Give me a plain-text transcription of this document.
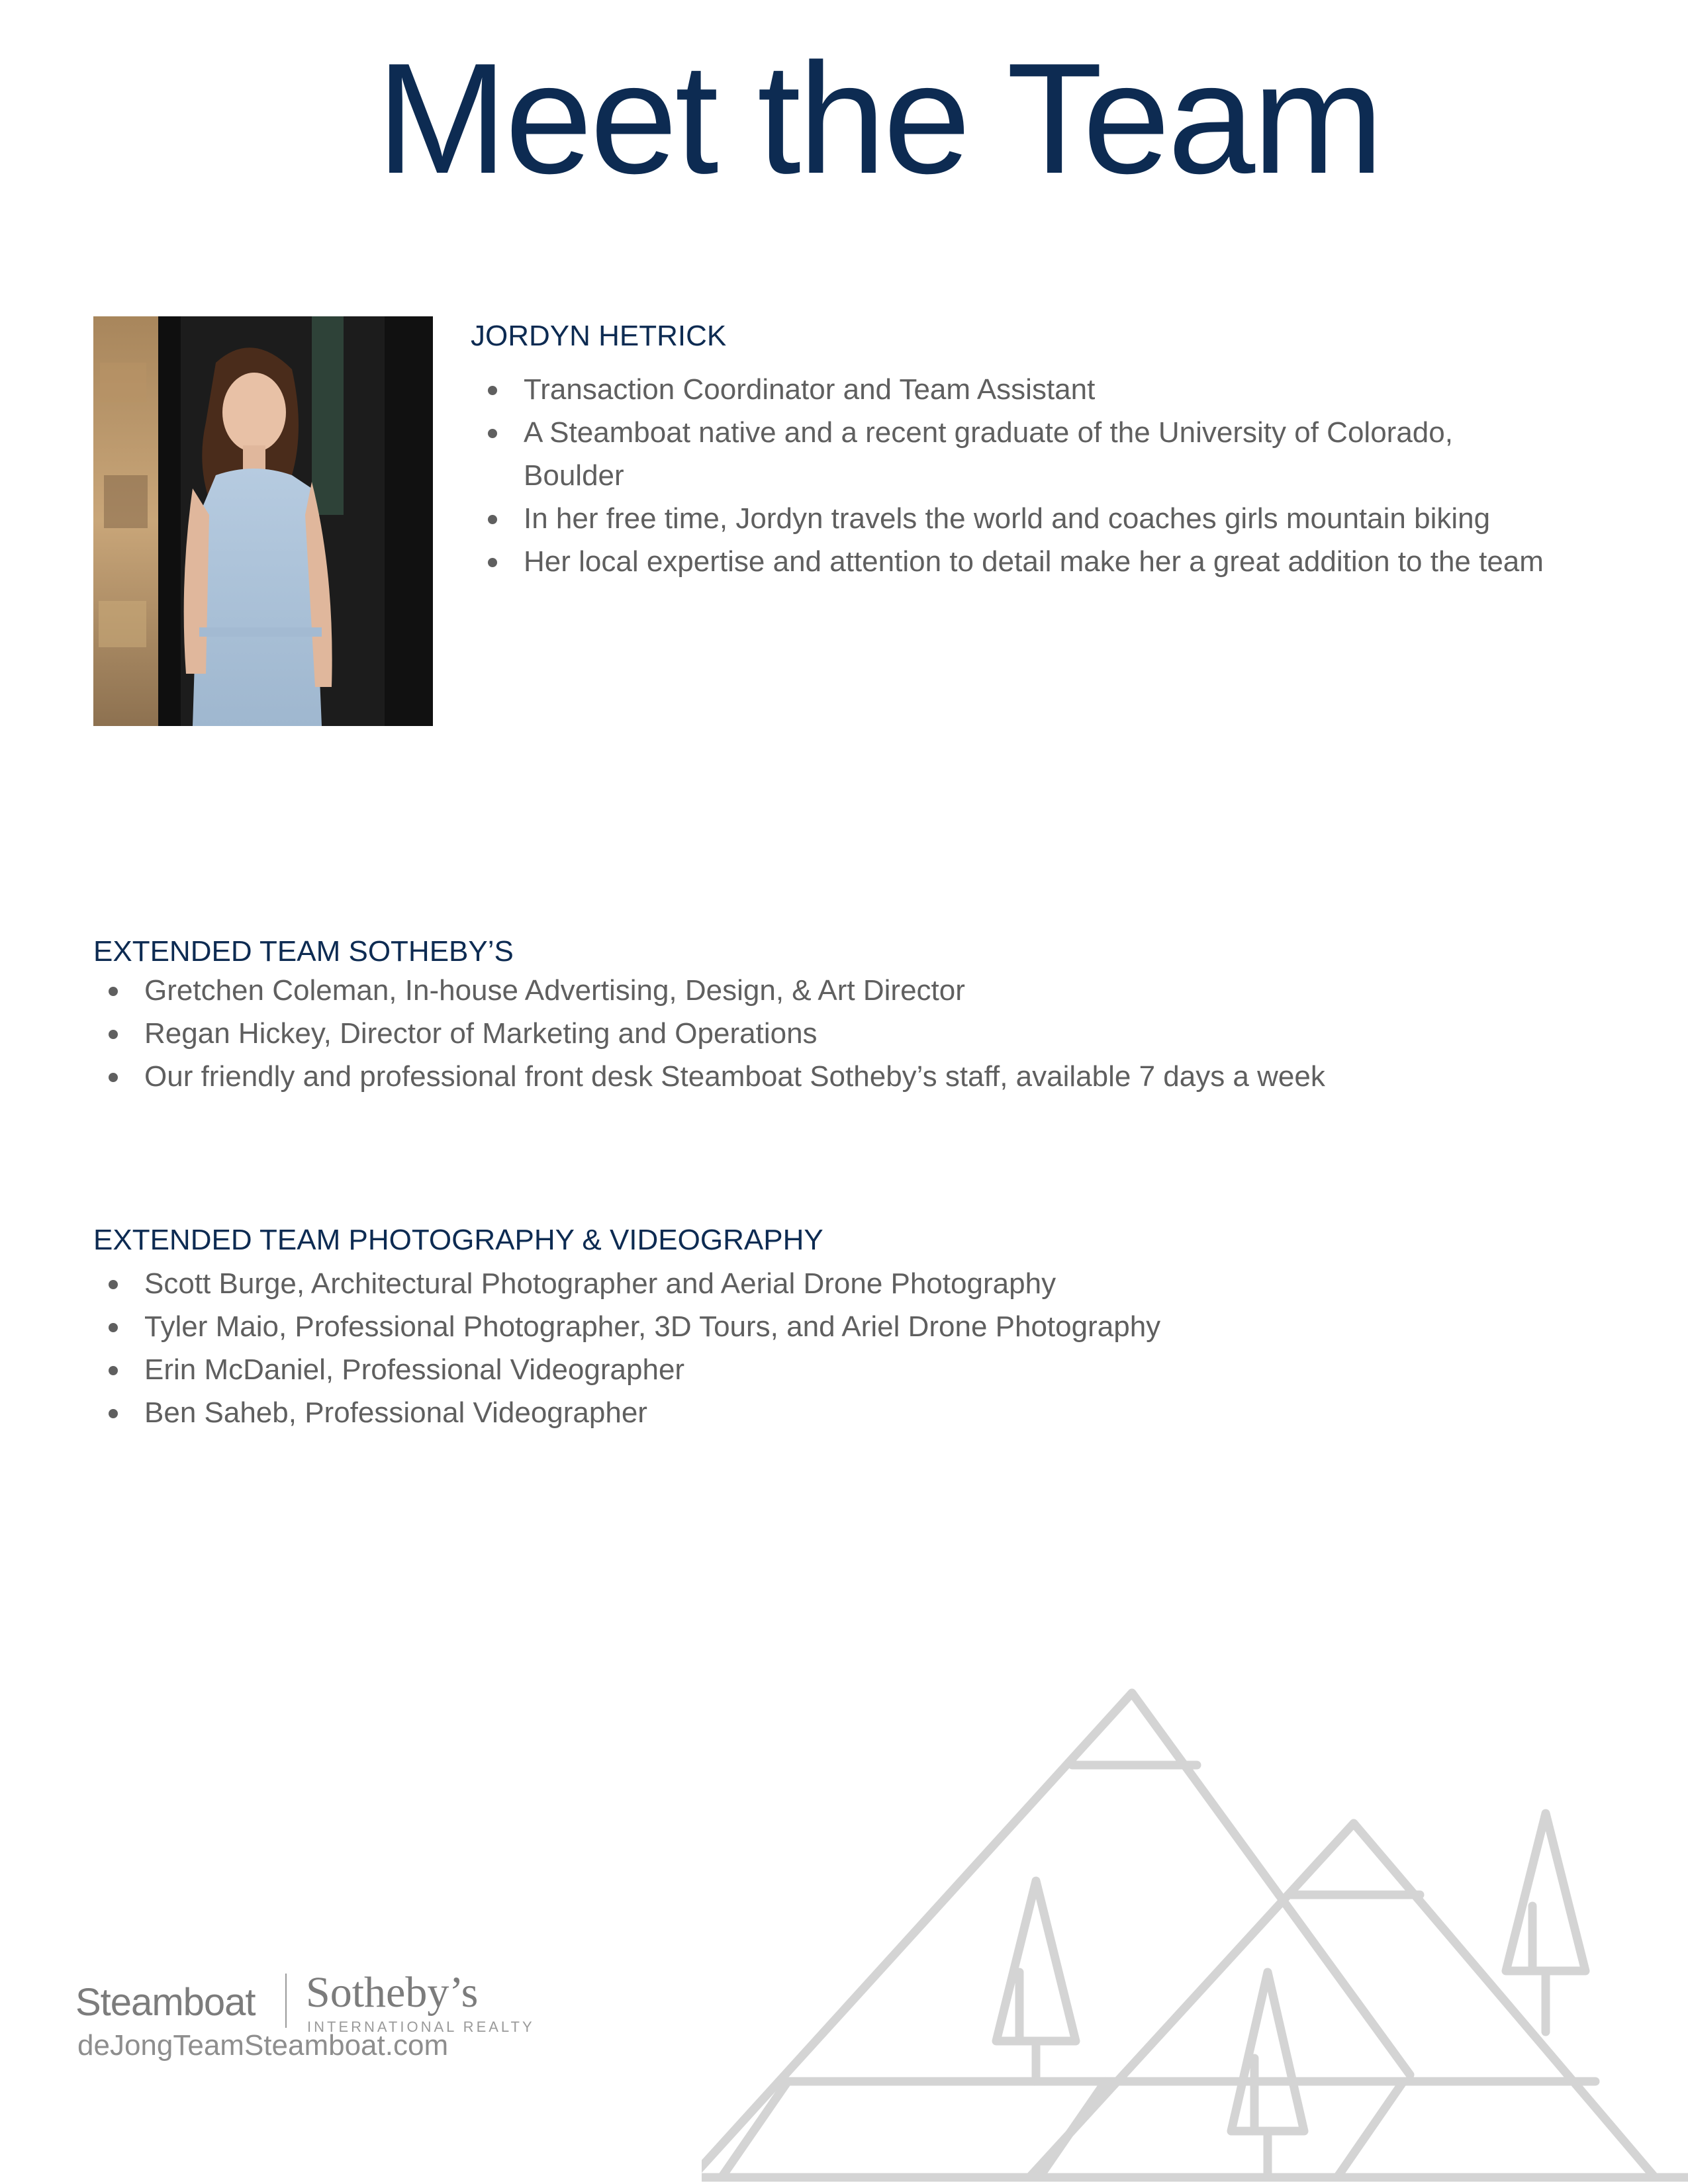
Meet the Team
JORDYN HETRICK
Transaction Coordinator and Team Assistant
A Steamboat native and a recent graduate of the University of Colorado, Boulder
In her free time, Jordyn travels the world and coaches girls mountain biking
Her local expertise and attention to detail make her a great addition to the team
EXTENDED TEAM SOTHEBY’S
Gretchen Coleman, In-house Advertising, Design, & Art Director
Regan Hickey, Director of Marketing and Operations
Our friendly and professional front desk Steamboat Sotheby’s staff, available 7 days a week
EXTENDED TEAM PHOTOGRAPHY & VIDEOGRAPHY
Scott Burge, Architectural Photographer and Aerial Drone Photography
Tyler Maio, Professional Photographer, 3D Tours, and Ariel Drone Photography
Erin McDaniel, Professional Videographer
Ben Saheb, Professional Videographer
Steamboat Sotheby’s
INTERNATIONAL REALTY
deJongTeamSteamboat.com
